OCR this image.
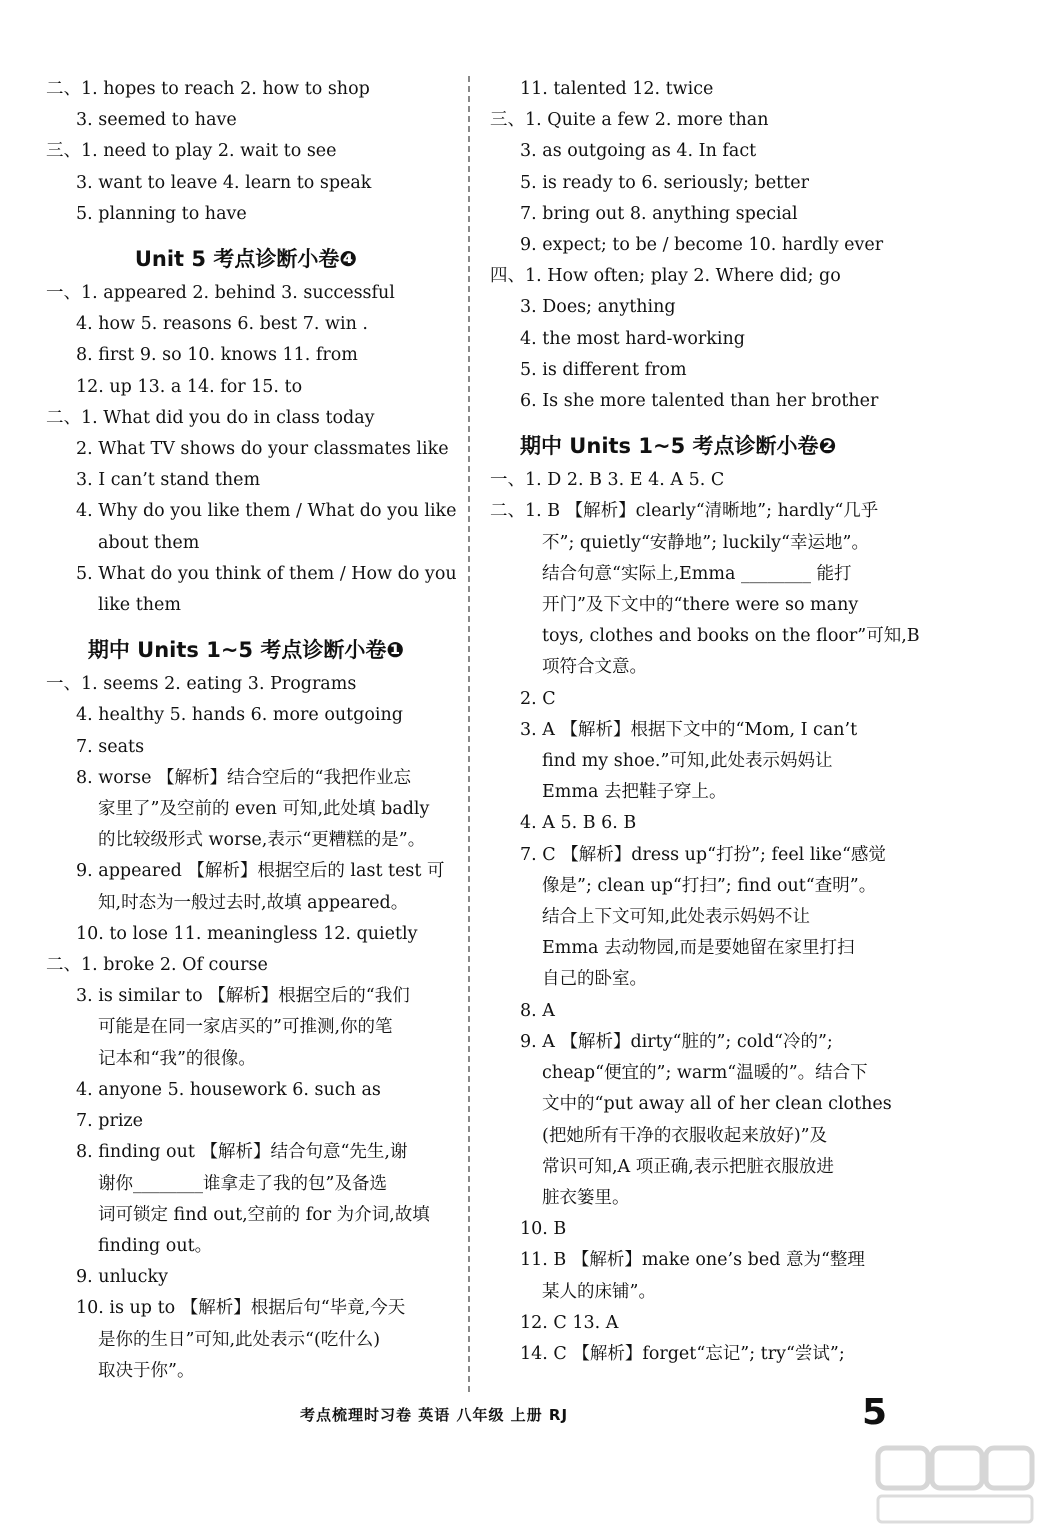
二、1. hopes to reach 2. how to shop
3. seemed to have
三、1. need to play 2. wait to see
3. want to leave 4. learn to speak
5. planning to have
Unit 5 考点诊断小卷❹
一、1. appeared 2. behind 3. successful
4. how 5. reasons 6. best 7. win .
8. first 9. so 10. knows 11. from
12. up 13. a 14. for 15. to
二、1. What did you do in class today
2. What TV shows do your classmates like
3. I can’t stand them
4. Why do you like them / What do you like
about them
5. What do you think of them / How do you
like them
期中 Units 1~5 考点诊断小卷❶
一、1. seems 2. eating 3. Programs
4. healthy 5. hands 6. more outgoing
7. seats
8. worse 【解析】结合空后的“我把作业忘
家里了”及空前的 even 可知,此处填 badly
的比较级形式 worse,表示“更糟糕的是”。
9. appeared 【解析】根据空后的 last test 可
知,时态为一般过去时,故填 appeared。
10. to lose 11. meaningless 12. quietly
二、1. broke 2. Of course
3. is similar to 【解析】根据空后的“我们
可能是在同一家店买的”可推测,你的笔
记本和“我”的很像。
4. anyone 5. housework 6. such as
7. prize
8. finding out 【解析】结合句意“先生,谢
谢你________谁拿走了我的包”及备选
词可锁定 find out,空前的 for 为介词,故填
finding out。
9. unlucky
10. is up to 【解析】根据后句“毕竟,今天
是你的生日”可知,此处表示“(吃什么)
取决于你”。
11. talented 12. twice
三、1. Quite a few 2. more than
3. as outgoing as 4. In fact
5. is ready to 6. seriously; better
7. bring out 8. anything special
9. expect; to be / become 10. hardly ever
四、1. How often; play 2. Where did; go
3. Does; anything
4. the most hard-working
5. is different from
6. Is she more talented than her brother
期中 Units 1~5 考点诊断小卷❷
一、1. D 2. B 3. E 4. A 5. C
二、1. B 【解析】clearly“清晰地”; hardly“几乎
不”; quietly“安静地”; luckily“幸运地”。
结合句意“实际上,Emma ________ 能打
开门”及下文中的“there were so many
toys, clothes and books on the floor”可知,B
项符合文意。
2. C
3. A 【解析】根据下文中的“Mom, I can’t
find my shoe.”可知,此处表示妈妈让
Emma 去把鞋子穿上。
4. A 5. B 6. B
7. C 【解析】dress up“打扮”; feel like“感觉
像是”; clean up“打扫”; find out“查明”。
结合上下文可知,此处表示妈妈不让
Emma 去动物园,而是要她留在家里打扫
自己的卧室。
8. A
9. A 【解析】dirty“脏的”; cold“冷的”;
cheap“便宜的”; warm“温暖的”。结合下
文中的“put away all of her clean clothes
(把她所有干净的衣服收起来放好)”及
常识可知,A 项正确,表示把脏衣服放进
脏衣篓里。
10. B
11. B 【解析】make one’s bed 意为“整理
某人的床铺”。
12. C 13. A
14. C 【解析】forget“忘记”; try“尝试”;
考点梳理时习卷 英语 八年级 上册 RJ	5
